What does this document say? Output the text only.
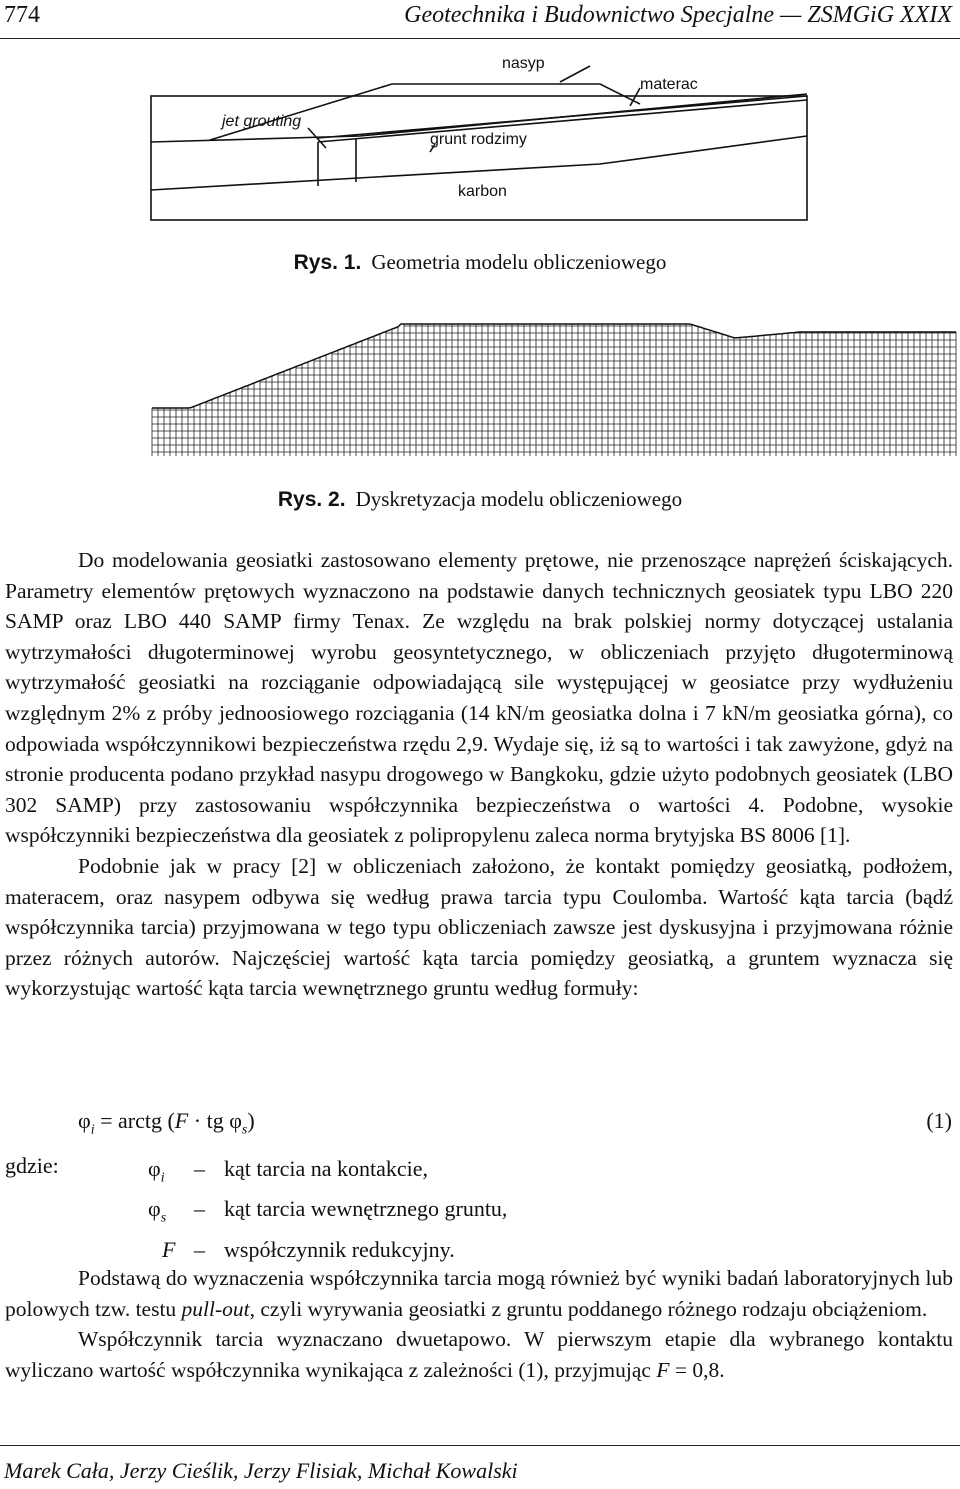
774	Geotechnika i Budownictwo Specjalne — ZSMGiG XXIX
nasyp
materac
jet grouting
grunt rodzimy
karbon
Rys. 1. Geometria modelu obliczeniowego
Rys. 2. Dyskretyzacja modelu obliczeniowego

Do modelowania geosiatki zastosowano elementy prętowe, nie przenoszące naprężeń ściskających. Parametry elementów prętowych wyznaczono na podstawie danych technicznych geosiatek typu LBO 220 SAMP oraz LBO 440 SAMP firmy Tenax. Ze względu na brak polskiej normy dotyczącej ustalania wytrzymałości długoterminowej wyrobu geosyntetycznego, w obliczeniach przyjęto długoterminową wytrzymałość geosiatki na rozciąganie odpowiadającą sile występującej w geosiatce przy wydłużeniu względnym 2% z próby jednoosiowego rozciągania (14 kN/m geosiatka dolna i 7 kN/m geosiatka górna), co odpowiada współczynnikowi bezpieczeństwa rzędu 2,9. Wydaje się, iż są to wartości i tak zawyżone, gdyż na stronie producenta podano przykład nasypu drogowego w Bangkoku, gdzie użyto podobnych geosiatek (LBO 302 SAMP) przy zastosowaniu współczynnika bezpieczeństwa o wartości 4. Podobne, wysokie współczynniki bezpieczeństwa dla geosiatek z polipropylenu zaleca norma brytyjska BS 8006 [1].

Podobnie jak w pracy [2] w obliczeniach założono, że kontakt pomiędzy geosiatką, podłożem, materacem, oraz nasypem odbywa się według prawa tarcia typu Coulomba. Wartość kąta tarcia (bądź współczynnika tarcia) przyjmowana w tego typu obliczeniach zawsze jest dyskusyjna i przyjmowana różnie przez różnych autorów. Najczęściej wartość kąta tarcia pomiędzy geosiatką, a gruntem wyznacza się wykorzystując wartość kąta tarcia wewnętrznego gruntu według formuły:

$\varphi_i$ = arctg (F · tg $\varphi_s$)	(1)
gdzie:	$\varphi_i$	– kąt tarcia na kontakcie,
$\varphi_s$	– kąt tarcia wewnętrznego gruntu,
F – współczynnik redukcyjny.

Podstawą do wyznaczenia współczynnika tarcia mogą również być wyniki badań laboratoryjnych lub polowych tzw. testu pull-out, czyli wyrywania geosiatki z gruntu poddanego różnego rodzaju obciążeniom.

Współczynnik tarcia wyznaczano dwuetapowo. W pierwszym etapie dla wybranego kontaktu wyliczano wartość współczynnika wynikająca z zależności (1), przyjmując F = 0,8.

Marek Cała, Jerzy Cieślik, Jerzy Flisiak, Michał Kowalski
